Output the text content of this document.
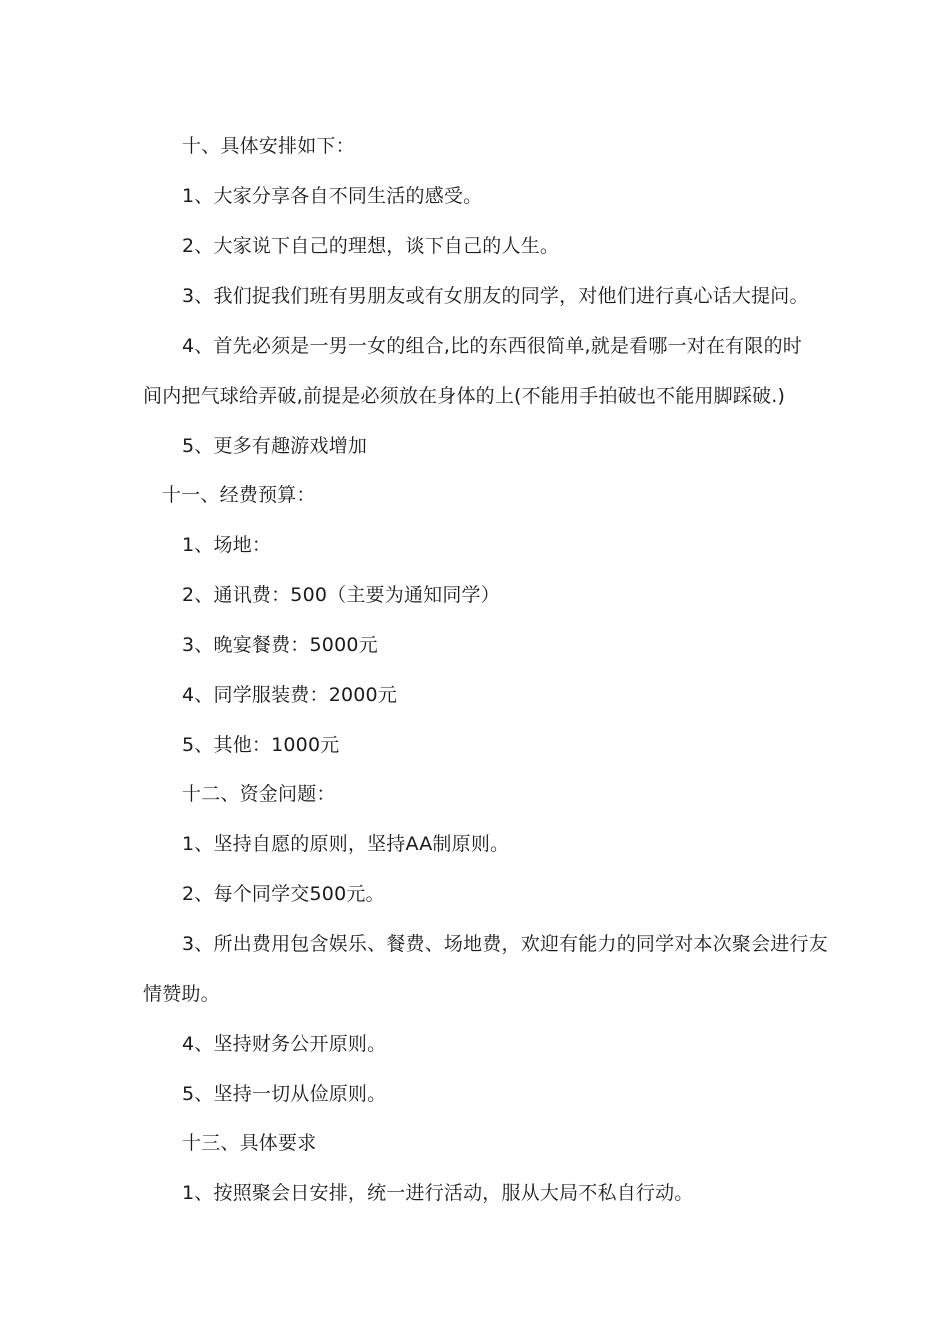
十、具体安排如下：
1、大家分享各自不同生活的感受。
2、大家说下自己的理想，谈下自己的人生。
3、我们捉我们班有男朋友或有女朋友的同学，对他们进行真心话大提问。
4、首先必须是一男一女的组合,比的东西很简单,就是看哪一对在有限的时
间内把气球给弄破,前提是必须放在身体的上(不能用手拍破也不能用脚踩破.)
5、更多有趣游戏增加
十一、经费预算：
1、场地：
2、通讯费：500（主要为通知同学）
3、晚宴餐费：5000元
4、同学服装费：2000元
5、其他：1000元
十二、资金问题：
1、坚持自愿的原则，坚持AA制原则。
2、每个同学交500元。
3、所出费用包含娱乐、餐费、场地费，欢迎有能力的同学对本次聚会进行友
情赞助。
4、坚持财务公开原则。
5、坚持一切从俭原则。
十三、具体要求
1、按照聚会日安排，统一进行活动，服从大局不私自行动。
